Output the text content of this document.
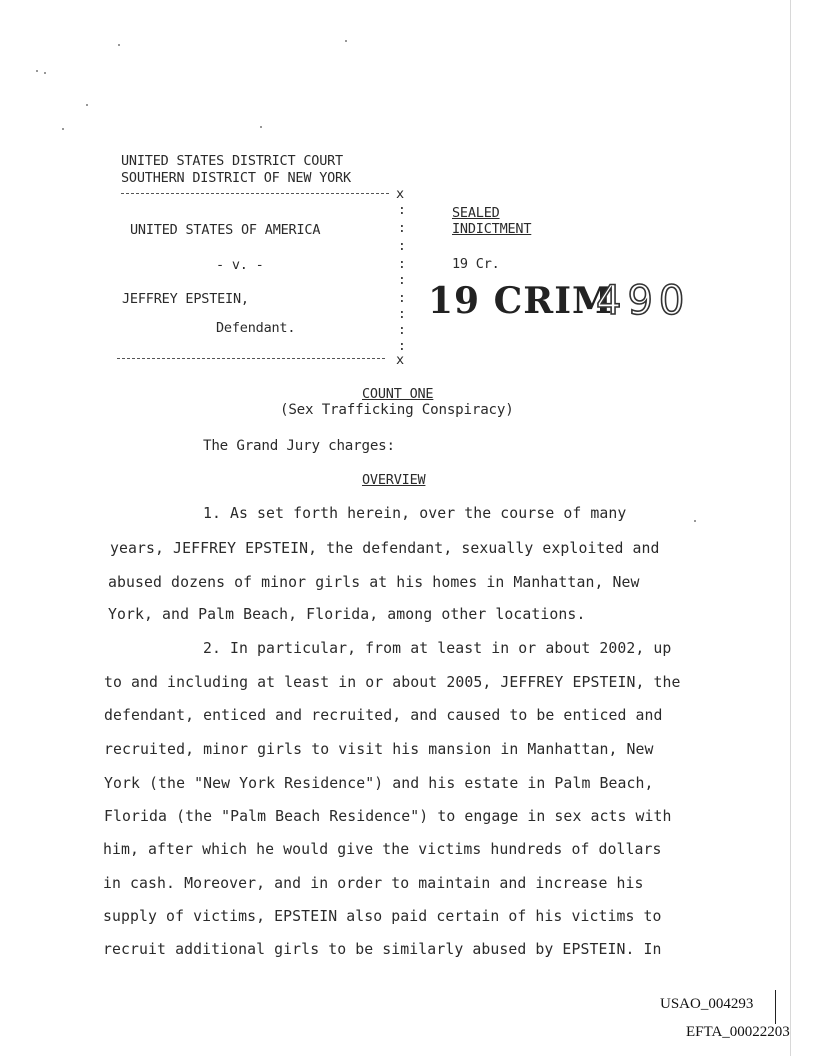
UNITED STATES DISTRICT COURT
SOUTHERN DISTRICT OF NEW YORK
x
UNITED STATES OF AMERICA
- v. -
JEFFREY EPSTEIN,
Defendant.
x
:
:
:
:
:
:
:
:
:
SEALED
INDICTMENT
19 Cr.
19 CRIM
490
COUNT ONE
(Sex Trafficking Conspiracy)
The Grand Jury charges:
OVERVIEW
1. As set forth herein, over the course of many
years, JEFFREY EPSTEIN, the defendant, sexually exploited and
abused dozens of minor girls at his homes in Manhattan, New
York, and Palm Beach, Florida, among other locations.
2. In particular, from at least in or about 2002, up
to and including at least in or about 2005, JEFFREY EPSTEIN, the
defendant, enticed and recruited, and caused to be enticed and
recruited, minor girls to visit his mansion in Manhattan, New
York (the "New York Residence") and his estate in Palm Beach,
Florida (the "Palm Beach Residence") to engage in sex acts with
him, after which he would give the victims hundreds of dollars
in cash. Moreover, and in order to maintain and increase his
supply of victims, EPSTEIN also paid certain of his victims to
recruit additional girls to be similarly abused by EPSTEIN. In
USAO_004293
EFTA_00022203
